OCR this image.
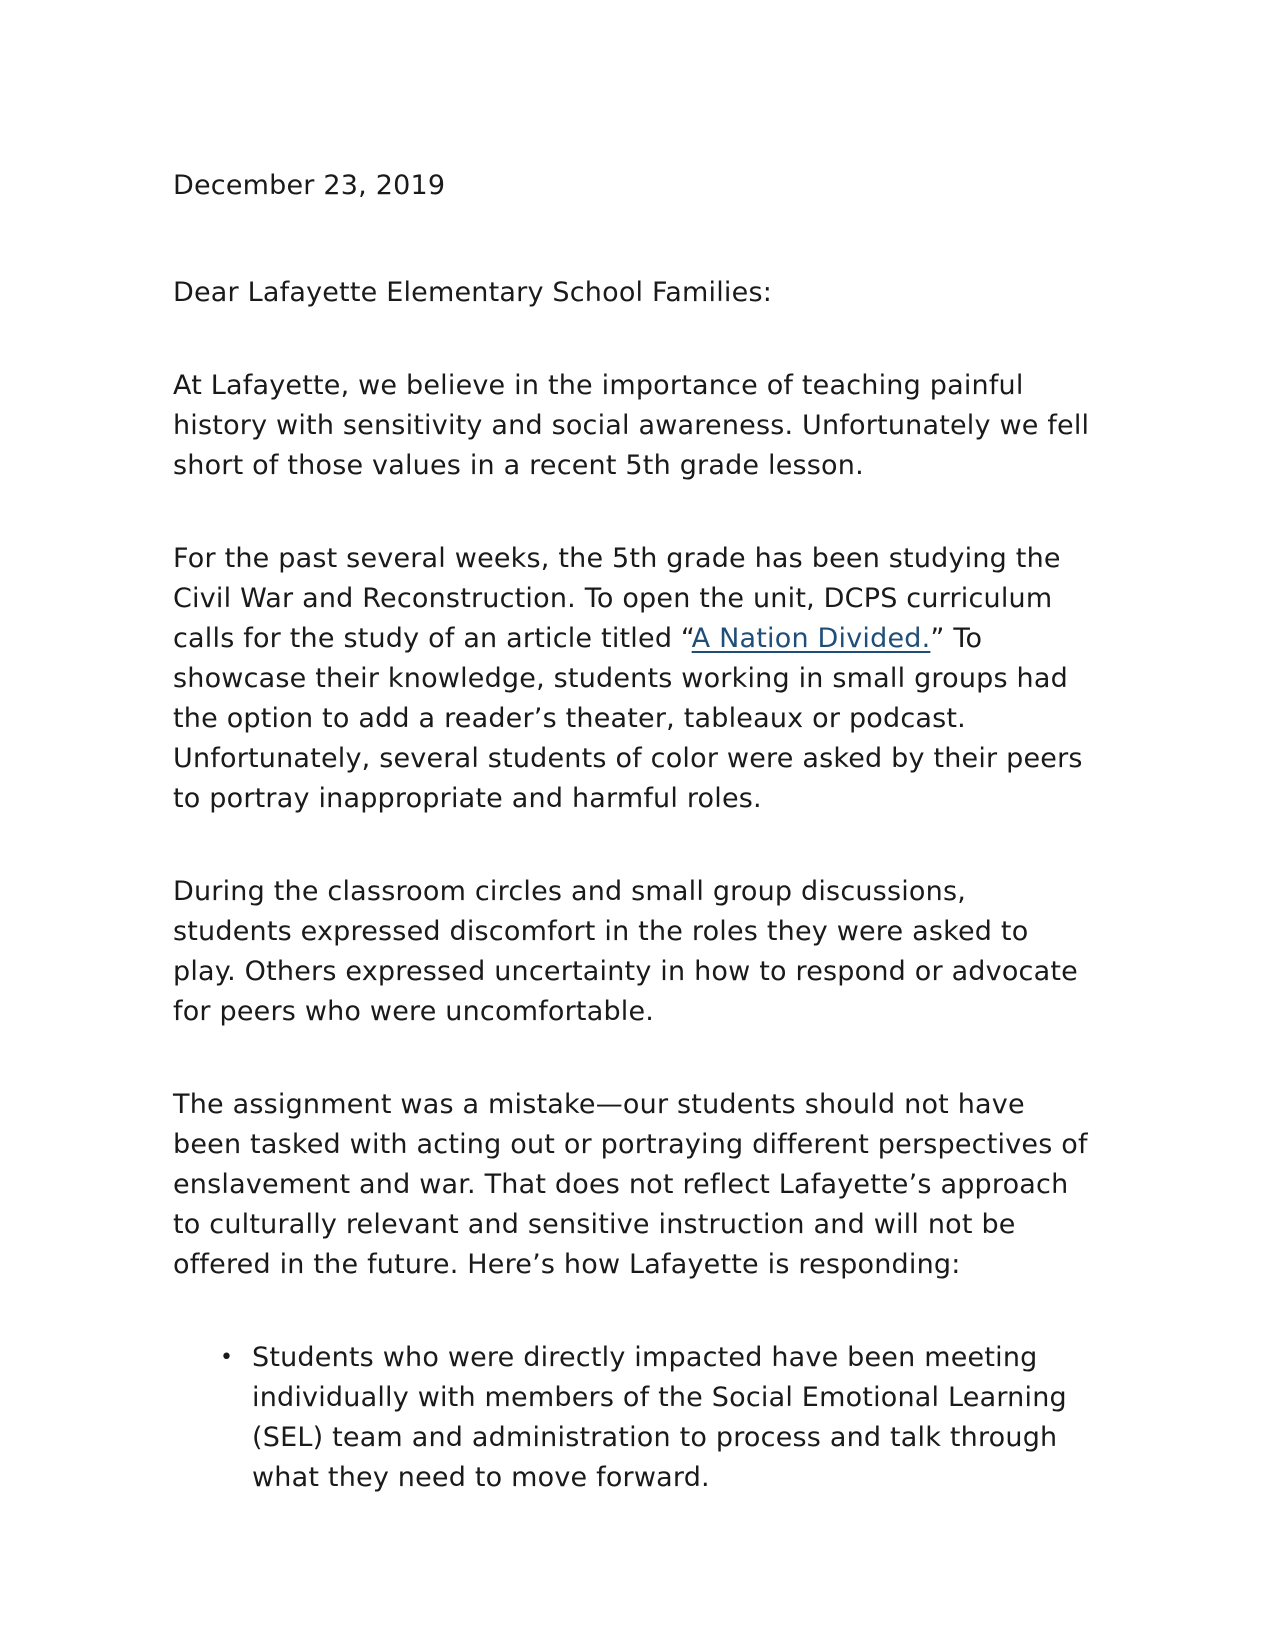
December 23, 2019

Dear Lafayette Elementary School Families:

At Lafayette, we believe in the importance of teaching painful history with sensitivity and social awareness. Unfortunately we fell short of those values in a recent 5th grade lesson.

For the past several weeks, the 5th grade has been studying the Civil War and Reconstruction. To open the unit, DCPS curriculum calls for the study of an article titled “A Nation Divided.” To showcase their knowledge, students working in small groups had the option to add a reader’s theater, tableaux or podcast. Unfortunately, several students of color were asked by their peers to portray inappropriate and harmful roles.

During the classroom circles and small group discussions, students expressed discomfort in the roles they were asked to play. Others expressed uncertainty in how to respond or advocate for peers who were uncomfortable.

The assignment was a mistake—our students should not have been tasked with acting out or portraying different perspectives of enslavement and war. That does not reflect Lafayette’s approach to culturally relevant and sensitive instruction and will not be offered in the future. Here’s how Lafayette is responding:

• Students who were directly impacted have been meeting individually with members of the Social Emotional Learning (SEL) team and administration to process and talk through what they need to move forward.
